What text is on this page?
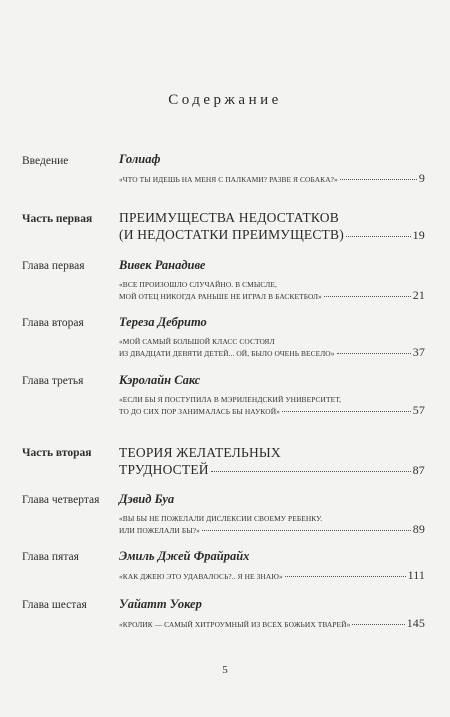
Содержание
Введение	Голиаф
«ЧТО ТЫ ИДЕШЬ НА МЕНЯ С ПАЛКАМИ? РАЗВЕ Я СОБАКА?»	9
Часть первая	ПРЕИМУЩЕСТВА НЕДОСТАТКОВ
(И НЕДОСТАТКИ ПРЕИМУЩЕСТВ)	19
Глава первая	Вивек Ранадиве
«ВСЕ ПРОИЗОШЛО СЛУЧАЙНО. В СМЫСЛЕ,
МОЙ ОТЕЦ НИКОГДА РАНЬШЕ НЕ ИГРАЛ В БАСКЕТБОЛ»	21
Глава вторая	Тереза Дебрито
«МОЙ САМЫЙ БОЛЬШОЙ КЛАСС СОСТОЯЛ
ИЗ ДВАДЦАТИ ДЕВЯТИ ДЕТЕЙ... ОЙ, БЫЛО ОЧЕНЬ ВЕСЕЛО»	37
Глава третья	Кэролайн Сакс
«ЕСЛИ БЫ Я ПОСТУПИЛА В МЭРИЛЕНДСКИЙ УНИВЕРСИТЕТ,
ТО ДО СИХ ПОР ЗАНИМАЛАСЬ БЫ НАУКОЙ»	57
Часть вторая	ТЕОРИЯ ЖЕЛАТЕЛЬНЫХ
ТРУДНОСТЕЙ	87
Глава четвертая	Дэвид Буа
«ВЫ БЫ НЕ ПОЖЕЛАЛИ ДИСЛЕКСИИ СВОЕМУ РЕБЕНКУ.
ИЛИ ПОЖЕЛАЛИ БЫ?»	89
Глава пятая	Эмиль Джей Фрайрайх
«КАК ДЖЕЮ ЭТО УДАВАЛОСЬ?.. Я НЕ ЗНАЮ»	111
Глава шестая	Уайатт Уокер
«КРОЛИК — САМЫЙ ХИТРОУМНЫЙ ИЗ ВСЕХ БОЖЬИХ ТВАРЕЙ»	145
5
